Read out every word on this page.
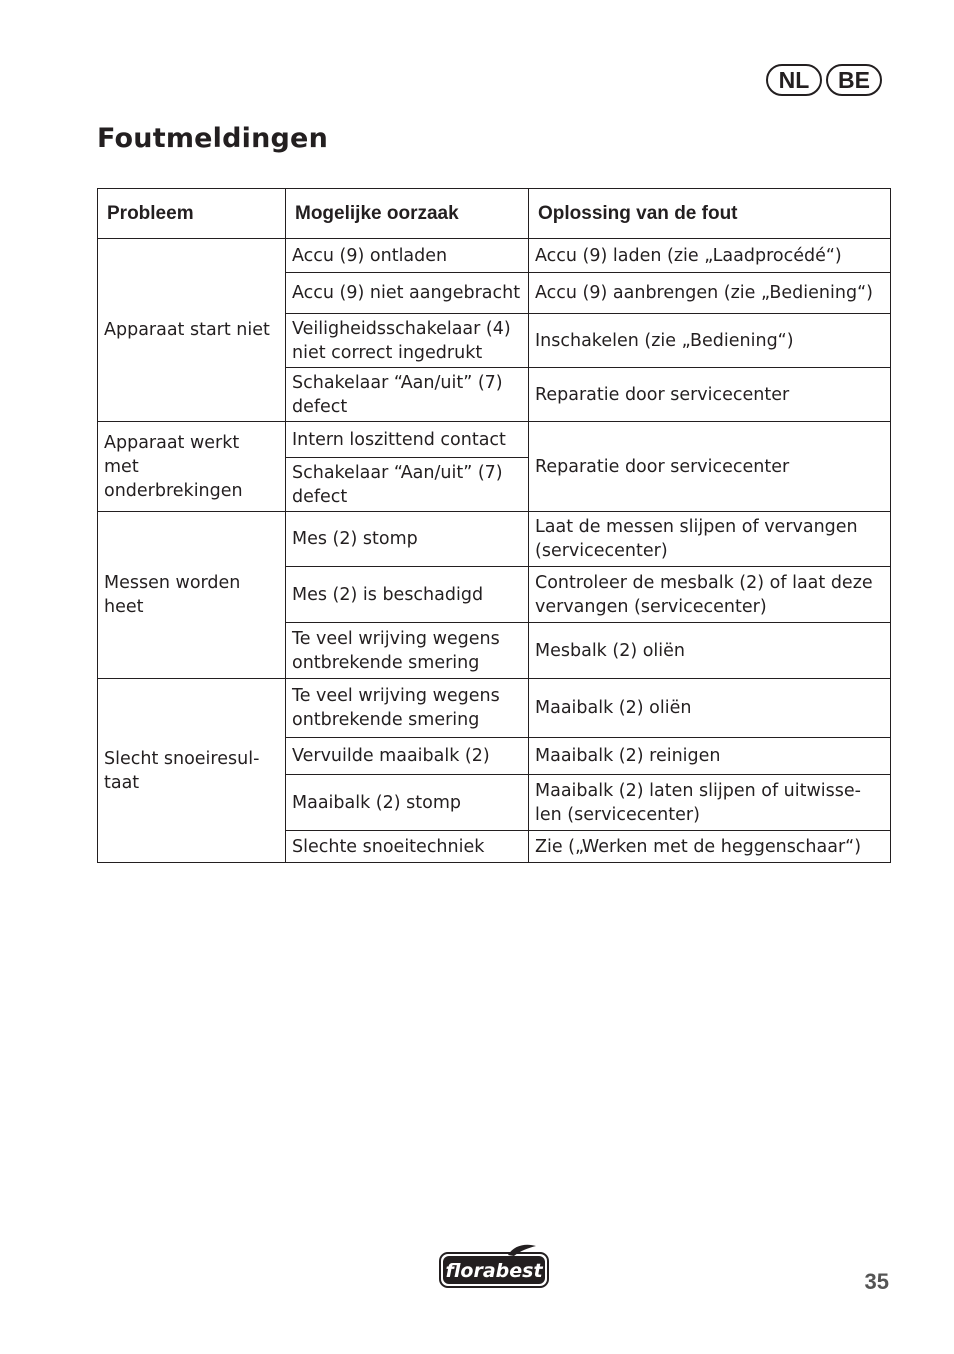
NL	BE
Foutmeldingen
Probleem	Mogelijke oorzaak	Oplossing van de fout
Apparaat start niet	Accu (9) ontladen	Accu (9) laden (zie „Laadprocédé“)
	Accu (9) niet aangebracht	Accu (9) aanbrengen (zie „Bediening“)
	Veiligheidsschakelaar (4) niet correct ingedrukt	Inschakelen (zie „Bediening“)
	Schakelaar “Aan/uit” (7) defect	Reparatie door servicecenter
Apparaat werkt met onderbrekingen	Intern loszittend contact	Reparatie door servicecenter
	Schakelaar “Aan/uit” (7) defect	
Messen worden heet	Mes (2) stomp	Laat de messen slijpen of vervangen (servicecenter)
	Mes (2) is beschadigd	Controleer de mesbalk (2) of laat deze vervangen (servicecenter)
	Te veel wrijving wegens ontbrekende smering	Mesbalk (2) oliën
Slecht snoeiresul- taat	Te veel wrijving wegens ontbrekende smering	Maaibalk (2) oliën
	Vervuilde maaibalk (2)	Maaibalk (2) reinigen
	Maaibalk (2) stomp	Maaibalk (2) laten slijpen of uitwisse- len (servicecenter)
	Slechte snoeitechniek	Zie („Werken met de heggenschaar“)
florabest	35
